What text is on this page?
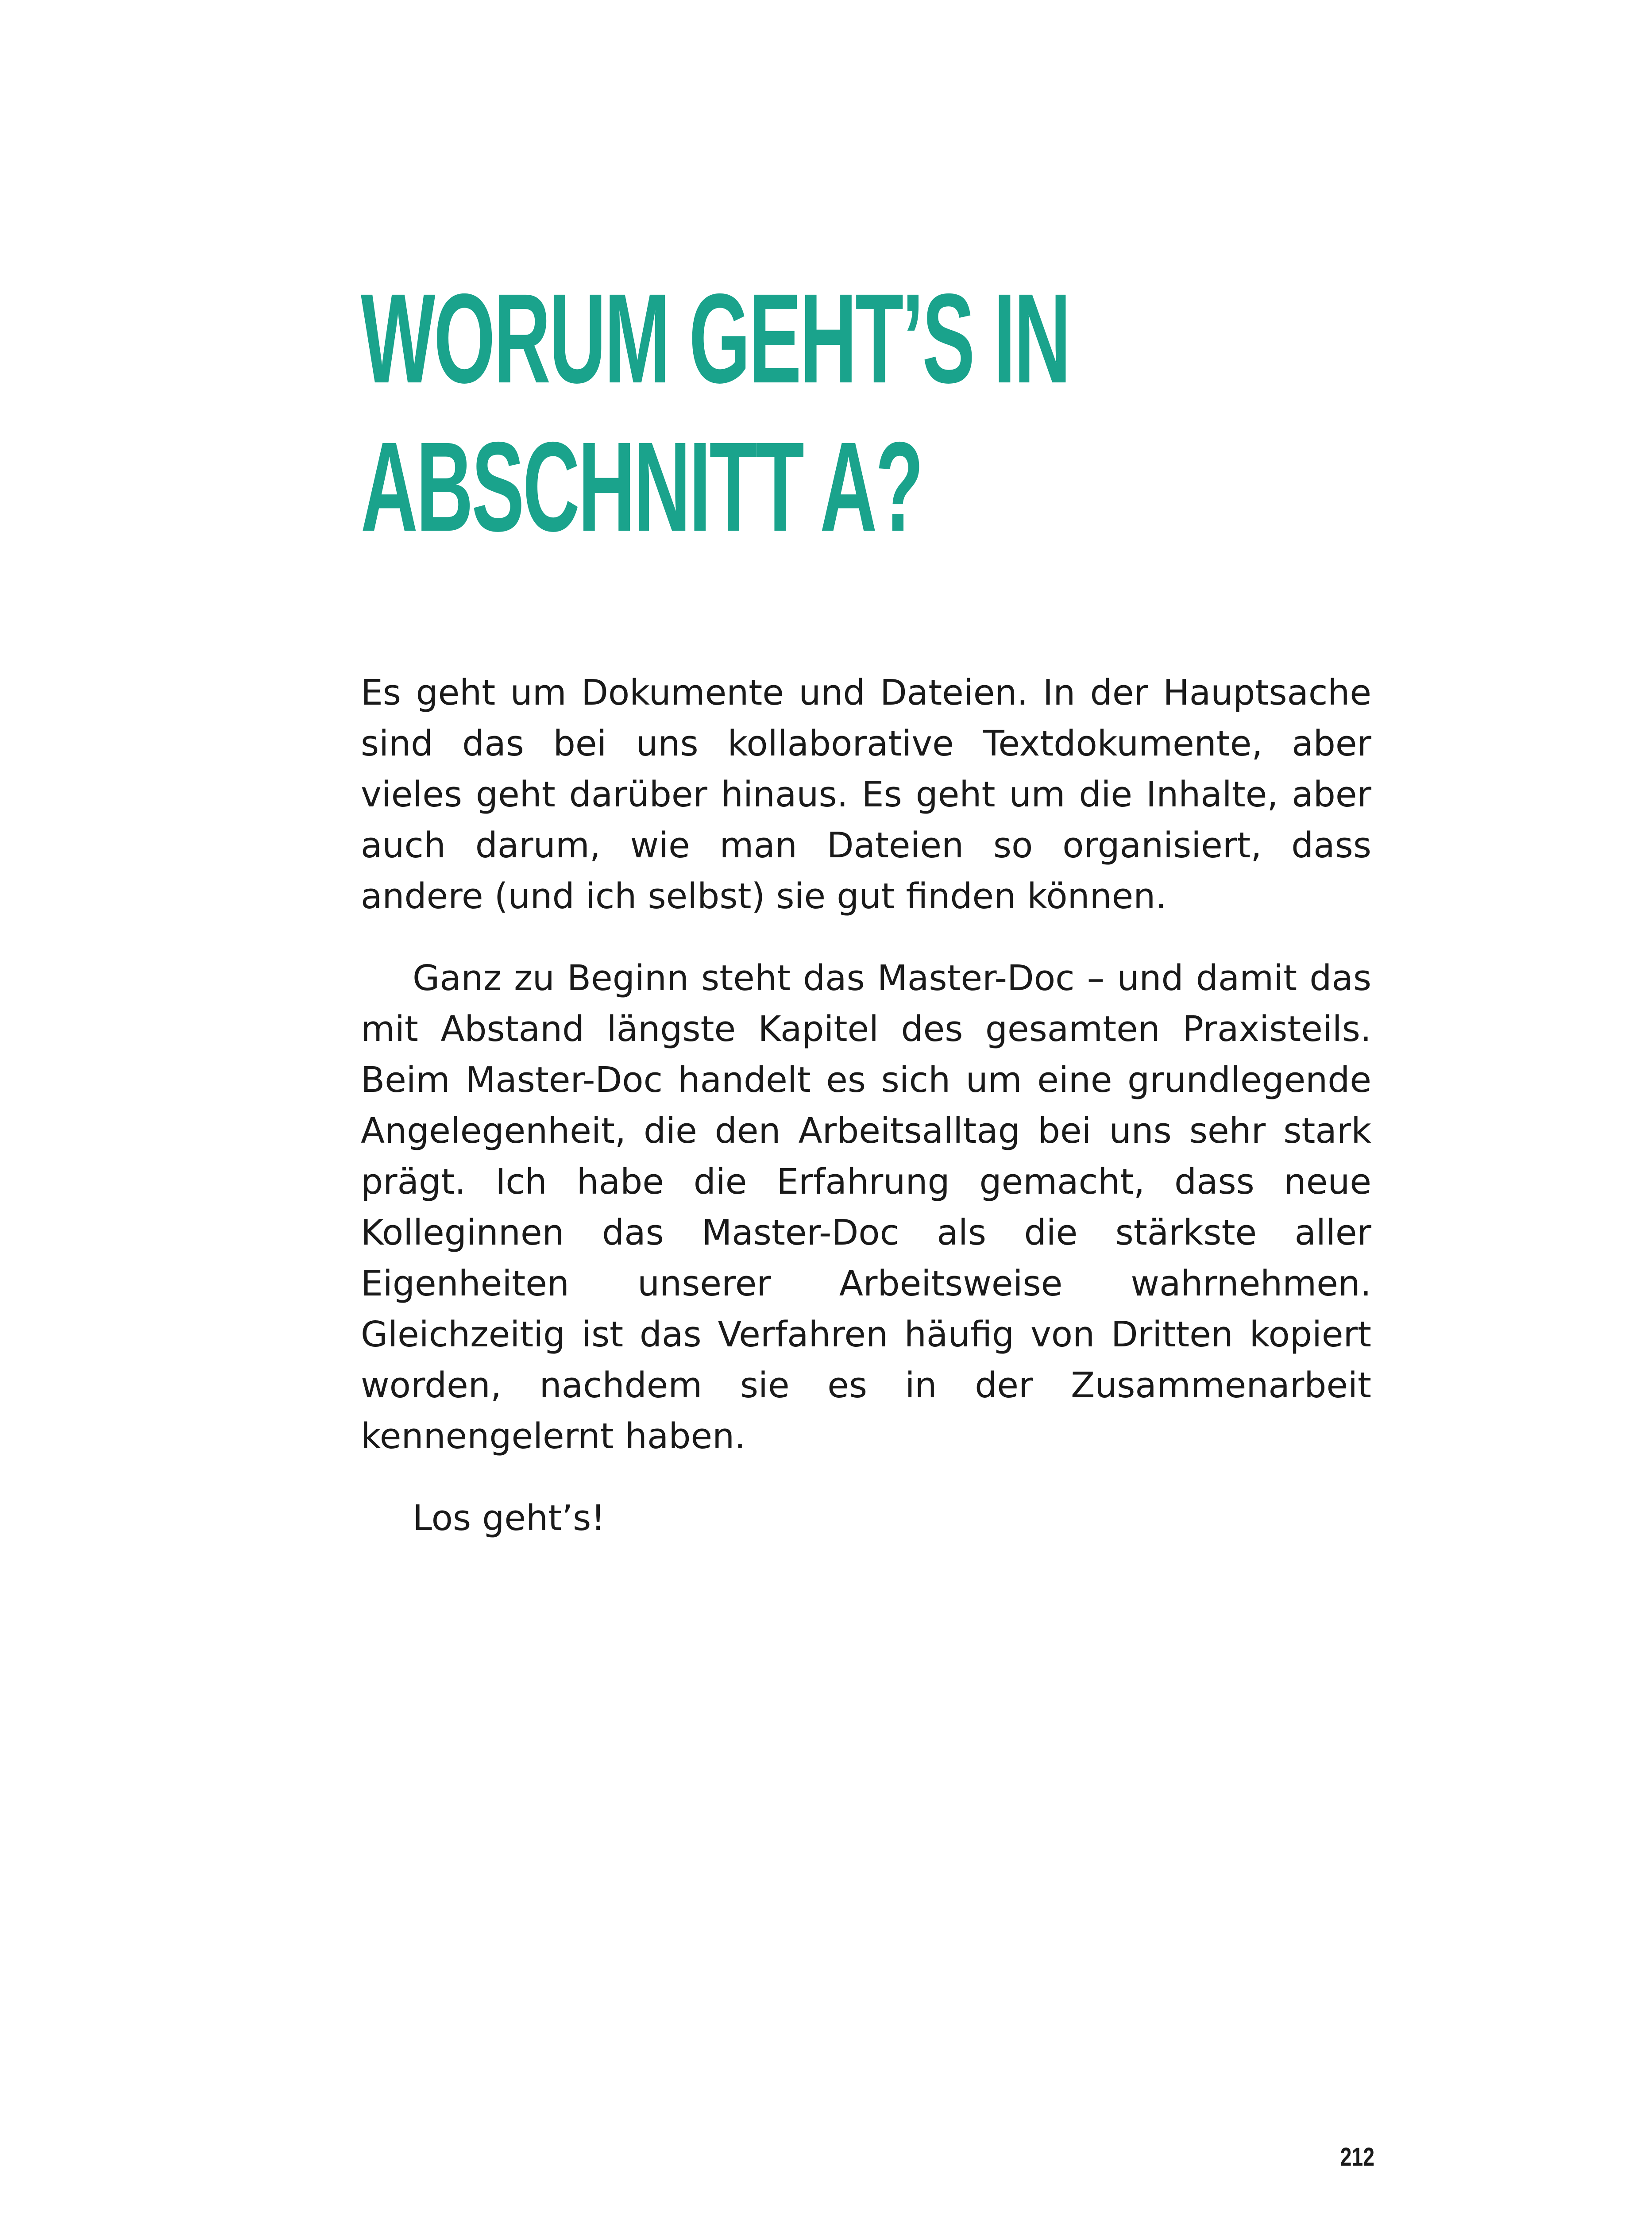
WORUM GEHT’S IN
ABSCHNITT A?

Es geht um Dokumente und Dateien. In der Hauptsache sind das bei uns kollaborative Textdokumente, aber vieles geht darüber hinaus. Es geht um die Inhalte, aber auch darum, wie man Dateien so organisiert, dass andere (und ich selbst) sie gut finden können.

Ganz zu Beginn steht das Master-Doc – und damit das mit Abstand längste Kapitel des gesamten Praxisteils. Beim Master-Doc handelt es sich um eine grundlegende Angelegenheit, die den Arbeitsalltag bei uns sehr stark prägt. Ich habe die Erfahrung gemacht, dass neue Kolleginnen das Master-Doc als die stärkste aller Eigenheiten unserer Arbeitsweise wahrnehmen. Gleichzeitig ist das Verfahren häufig von Dritten kopiert worden, nachdem sie es in der Zusammenarbeit kennengelernt haben.

Los geht’s!

212
